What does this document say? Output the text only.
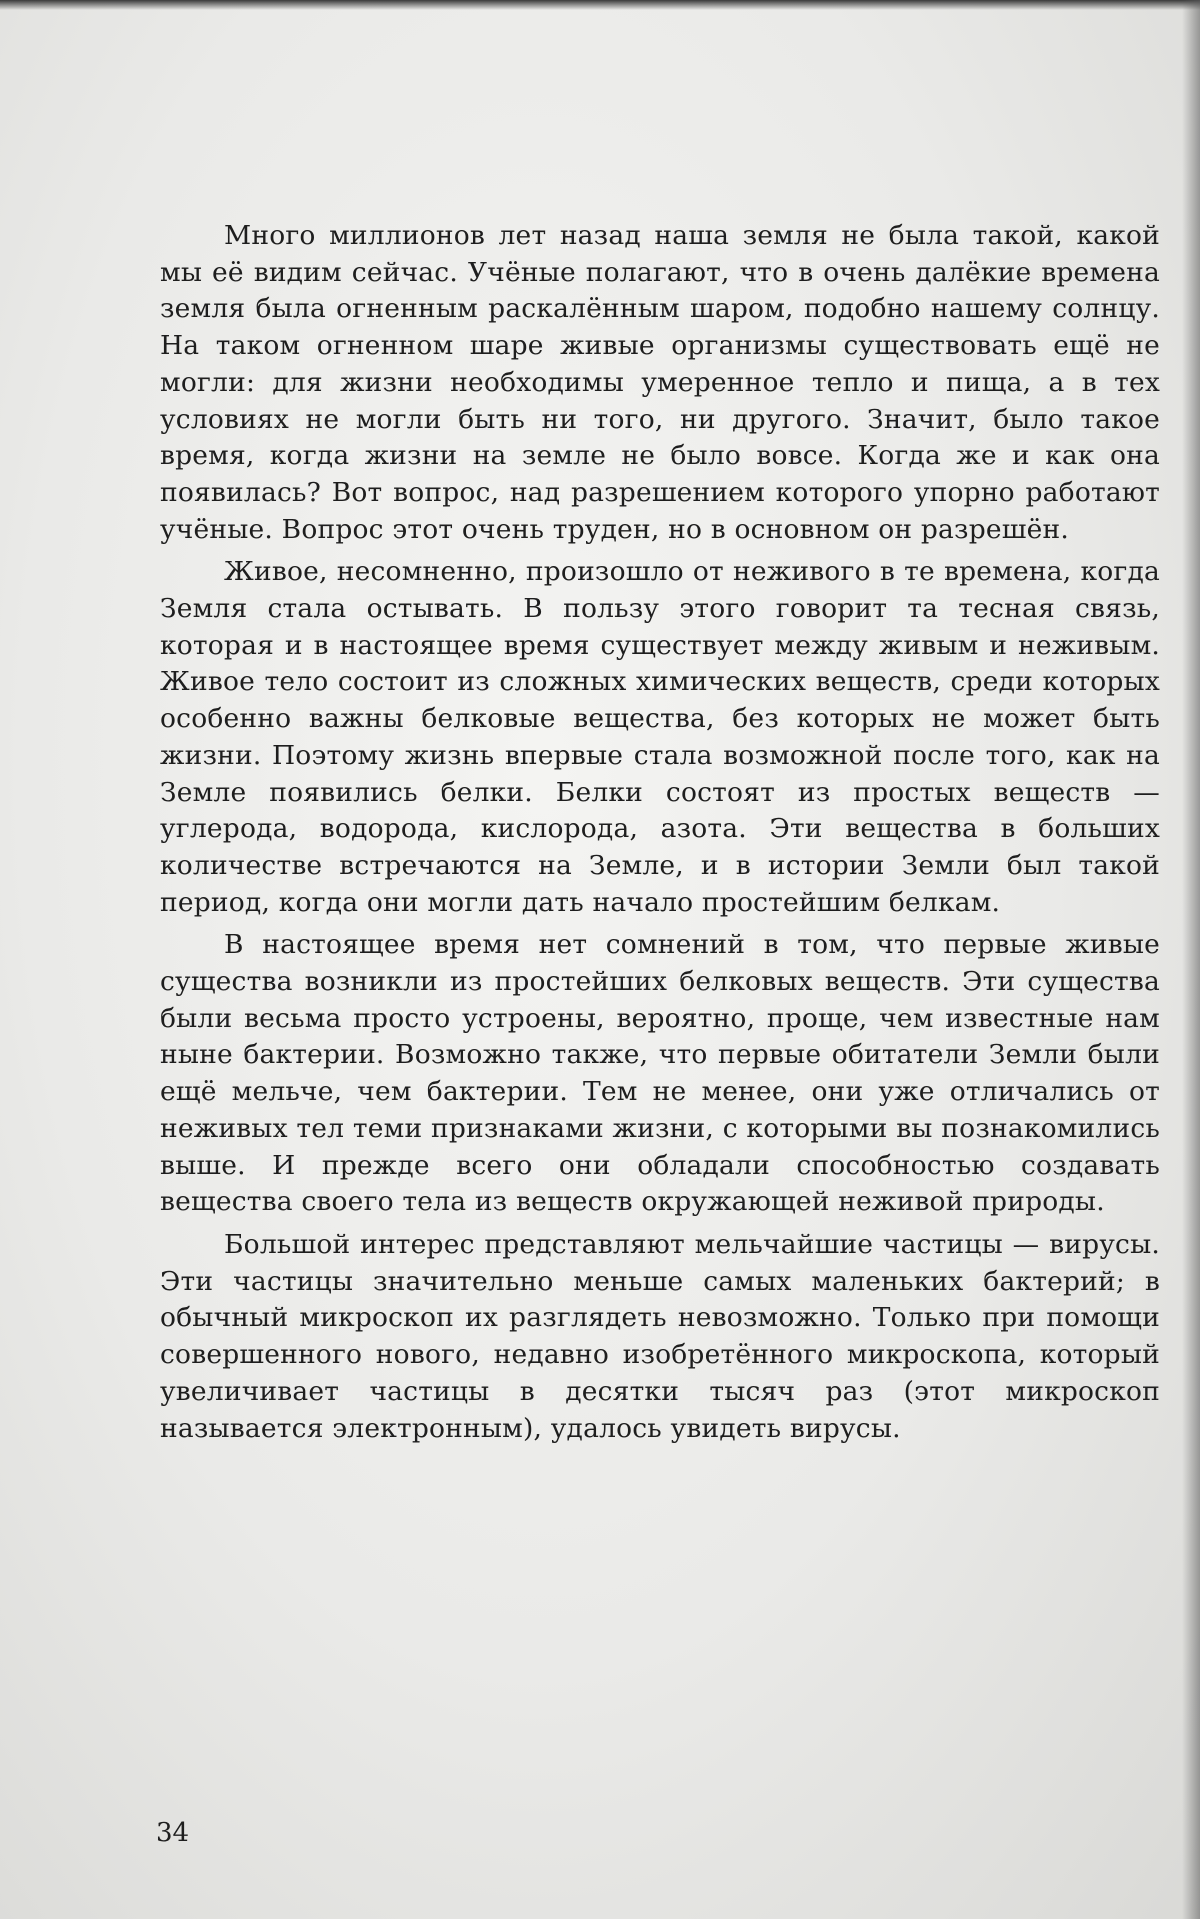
Много миллионов лет назад наша земля не была такой, какой мы её видим сейчас. Учёные полагают, что в очень далёкие времена земля была огненным раскалённым шаром, подобно нашему солнцу. На таком огненном шаре живые организмы существовать ещё не могли: для жизни необходимы умеренное тепло и пища, а в тех условиях не могли быть ни того, ни другого. Значит, было такое время, когда жизни на земле не было вовсе. Когда же и как она появилась? Вот вопрос, над разрешением которого упорно работают учёные. Вопрос этот очень труден, но в основном он разрешён.

Живое, несомненно, произошло от неживого в те времена, когда Земля стала остывать. В пользу этого говорит та тесная связь, которая и в настоящее время существует между живым и неживым. Живое тело состоит из сложных химических веществ, среди которых особенно важны белковые вещества, без которых не может быть жизни. Поэтому жизнь впервые стала возможной после того, как на Земле появились белки. Белки состоят из простых веществ — углерода, водорода, кислорода, азота. Эти вещества в больших количестве встречаются на Земле, и в истории Земли был такой период, когда они могли дать начало простейшим белкам.

В настоящее время нет сомнений в том, что первые живые существа возникли из простейших белковых веществ. Эти существа были весьма просто устроены, вероятно, проще, чем известные нам ныне бактерии. Возможно также, что первые обитатели Земли были ещё мельче, чем бактерии. Тем не менее, они уже отличались от неживых тел теми признаками жизни, с которыми вы познакомились выше. И прежде всего они обладали способностью создавать вещества своего тела из веществ окружающей неживой природы.

Большой интерес представляют мельчайшие частицы — вирусы. Эти частицы значительно меньше самых маленьких бактерий; в обычный микроскоп их разглядеть невозможно. Только при помощи совершенного нового, недавно изобретённого микроскопа, который увеличивает частицы в десятки тысяч раз (этот микроскоп называется электронным), удалось увидеть вирусы.

34
